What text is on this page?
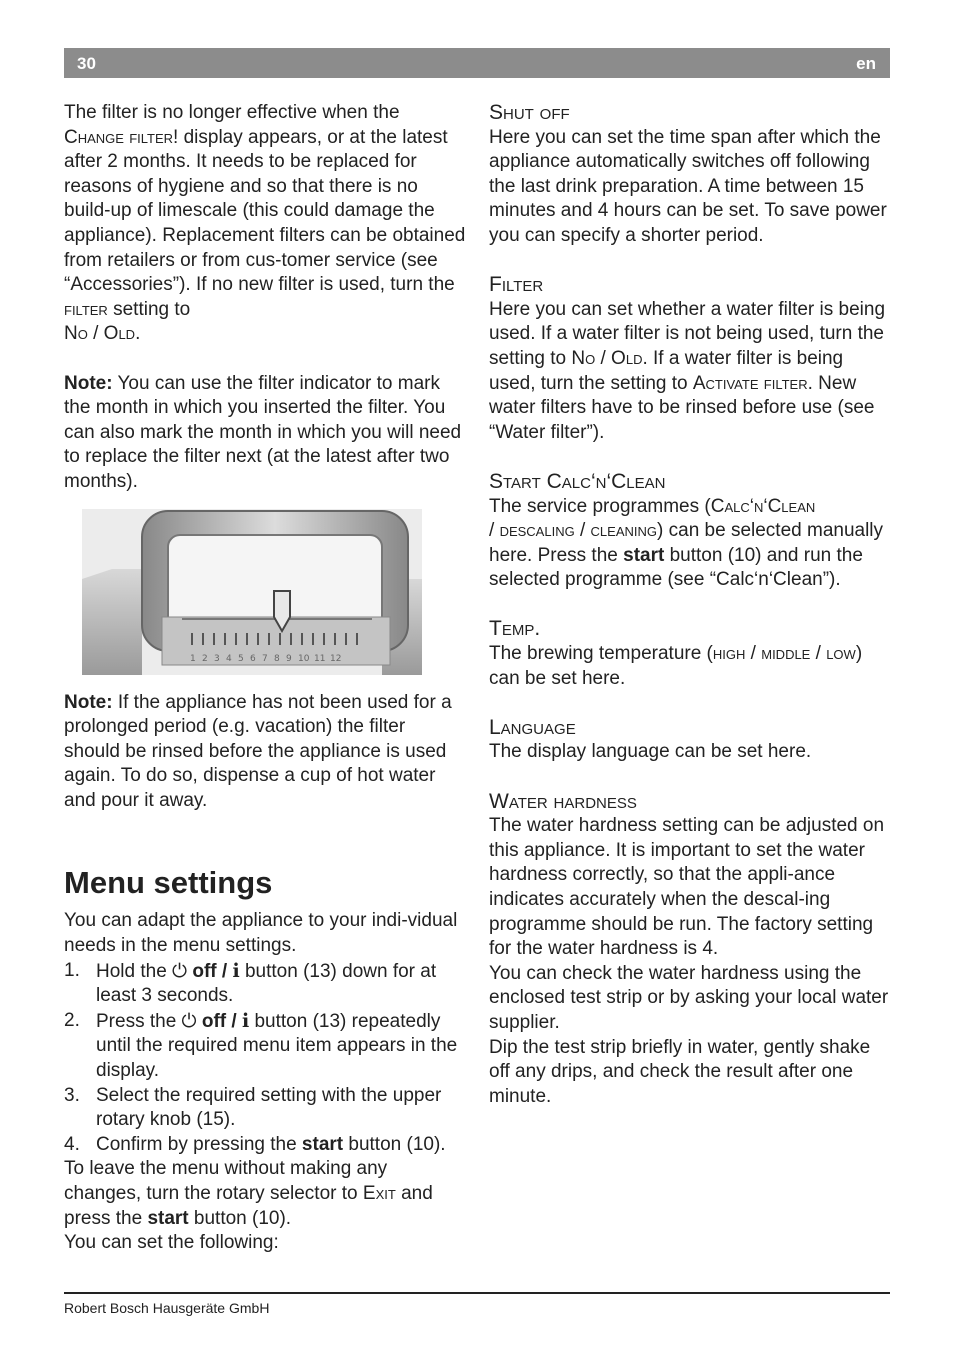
30	en

The filter is no longer effective when the
Change filter! display appears, or at the latest after 2 months. It needs to be replaced for reasons of hygiene and so that there is no build-up of limescale (this could damage the appliance). Replacement filters can be obtained from retailers or from cus-tomer service (see “Accessories”). If no new filter is used, turn the filter setting to
No / Old.

Note: You can use the filter indicator to mark the month in which you inserted the filter. You can also mark the month in which you will need to replace the filter next (at the latest after two months).

1 2 3 4 5 6 7 8 9 10 11 12

Note: If the appliance has not been used for a prolonged period (e.g. vacation) the filter should be rinsed before the appliance is used again. To do so, dispense a cup of hot water and pour it away.

Menu settings

You can adapt the appliance to your indi-vidual needs in the menu settings.

1. Hold the ⏻ off / i button (13) down for at least 3 seconds.
2. Press the ⏻ off / i button (13) repeatedly until the required menu item appears in the display.
3. Select the required setting with the upper rotary knob (15).
4. Confirm by pressing the start button (10).

To leave the menu without making any changes, turn the rotary selector to Exit and press the start button (10).

You can set the following:

Shut off

Here you can set the time span after which the appliance automatically switches off following the last drink preparation. A time between 15 minutes and 4 hours can be set. To save power you can specify a shorter period.

Filter

Here you can set whether a water filter is being used. If a water filter is not being used, turn the setting to No / Old. If a water filter is being used, turn the setting to Activate filter. New water filters have to be rinsed before use (see “Water filter”).

Start Calc‘n‘Clean

The service programmes (Calc‘n‘Clean
/ descaling / cleaning) can be selected manually here. Press the start button (10) and run the selected programme (see “Calc‘n‘Clean”).

Temp.

The brewing temperature (high / middle / low) can be set here.

Language

The display language can be set here.

Water hardness

The water hardness setting can be adjusted on this appliance. It is important to set the water hardness correctly, so that the appli-ance indicates accurately when the descal-ing programme should be run. The factory setting for the water hardness is 4.

You can check the water hardness using the enclosed test strip or by asking your local water supplier.

Dip the test strip briefly in water, gently shake off any drips, and check the result after one minute.

Robert Bosch Hausgeräte GmbH
